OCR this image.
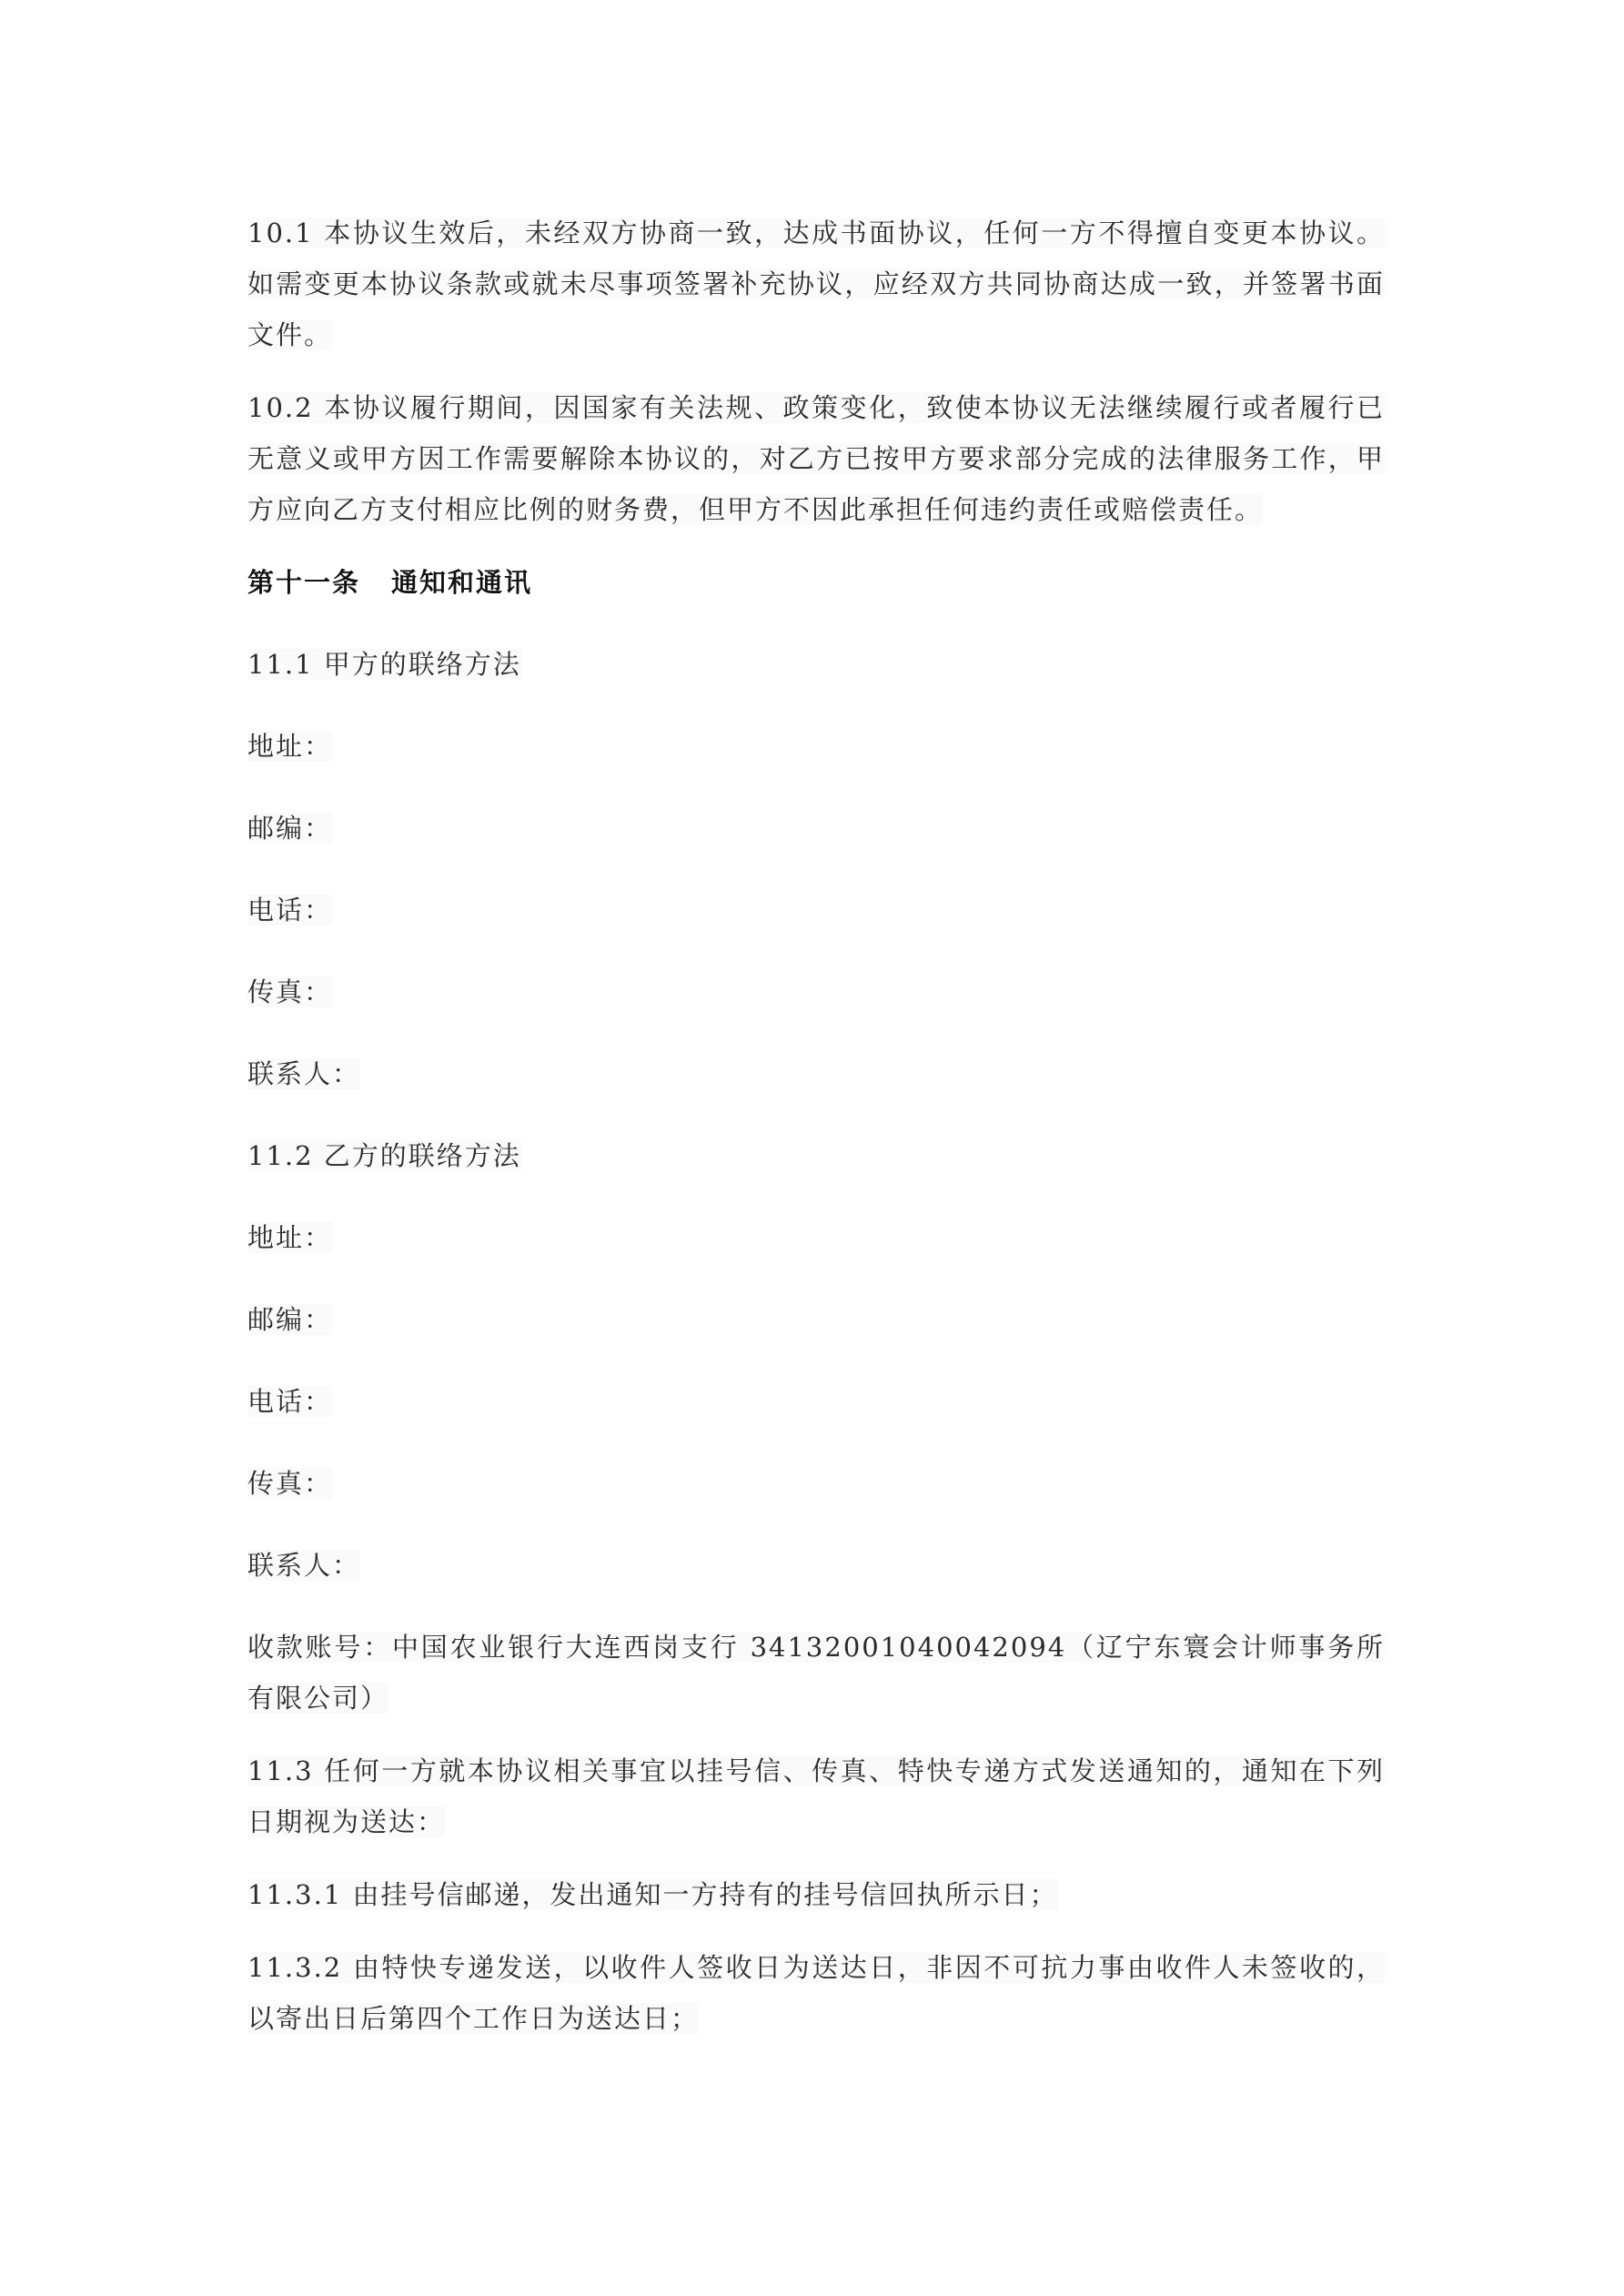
10.1 本协议生效后，未经双方协商一致，达成书面协议，任何一方不得擅自变更本协议。如需变更本协议条款或就未尽事项签署补充协议，应经双方共同协商达成一致，并签署书面文件。

10.2 本协议履行期间，因国家有关法规、政策变化，致使本协议无法继续履行或者履行已无意义或甲方因工作需要解除本协议的，对乙方已按甲方要求部分完成的法律服务工作，甲方应向乙方支付相应比例的财务费，但甲方不因此承担任何违约责任或赔偿责任。

第十一条 通知和通讯

11.1 甲方的联络方法

地址：

邮编：

电话：

传真：

联系人：

11.2 乙方的联络方法

地址：

邮编：

电话：

传真：

联系人：

收款账号：中国农业银行大连西岗支行 34132001040042094（辽宁东寰会计师事务所有限公司）

11.3 任何一方就本协议相关事宜以挂号信、传真、特快专递方式发送通知的，通知在下列日期视为送达：

11.3.1 由挂号信邮递，发出通知一方持有的挂号信回执所示日；

11.3.2 由特快专递发送，以收件人签收日为送达日，非因不可抗力事由收件人未签收的，以寄出日后第四个工作日为送达日；
